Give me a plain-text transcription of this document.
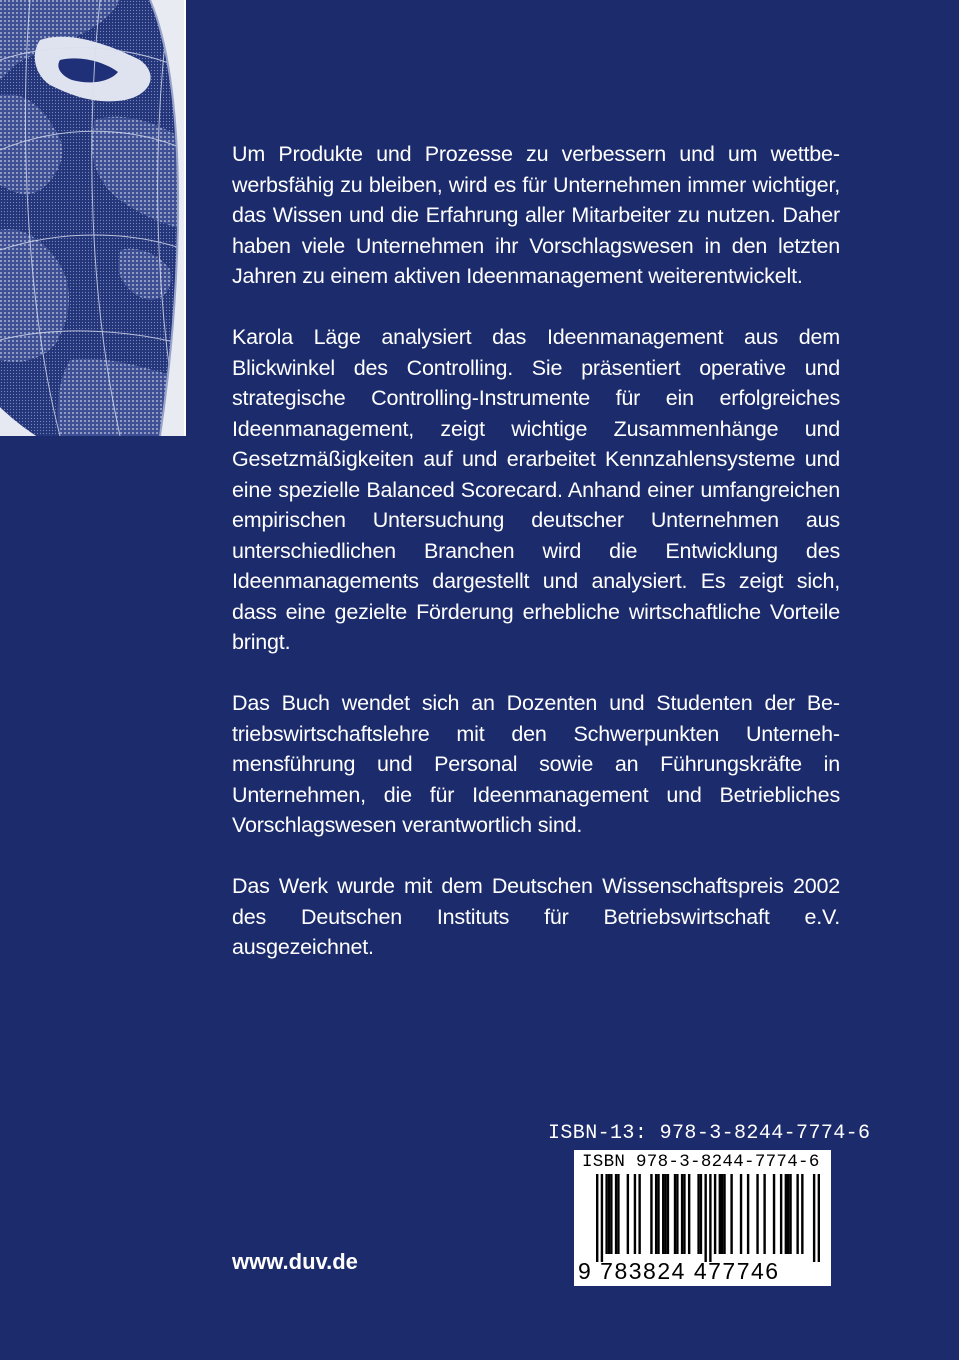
Um Produkte und Prozesse zu verbessern und um wettbewerbsfähig zu bleiben, wird es für Unternehmen immer wichtiger, das Wissen und die Erfahrung aller Mitarbeiter zu nutzen. Daher haben viele Unternehmen ihr Vorschlagswesen in den letzten Jahren zu einem aktiven Ideenmanagement weiterentwickelt.

Karola Läge analysiert das Ideenmanagement aus dem Blickwinkel des Controlling. Sie präsentiert operative und strategische Controlling-Instrumente für ein erfolgreiches Ideenmanagement, zeigt wichtige Zusammenhänge und Gesetzmäßigkeiten auf und erarbeitet Kennzahlensysteme und eine spezielle Balanced Scorecard. Anhand einer umfangreichen empirischen Untersuchung deutscher Unternehmen aus unterschiedlichen Branchen wird die Entwicklung des Ideenmanagements dargestellt und analysiert. Es zeigt sich, dass eine gezielte Förderung erhebliche wirtschaftliche Vorteile bringt.

Das Buch wendet sich an Dozenten und Studenten der Betriebswirtschaftslehre mit den Schwerpunkten Unternehmensführung und Personal sowie an Führungskräfte in Unternehmen, die für Ideenmanagement und Betriebliches Vorschlagswesen verantwortlich sind.

Das Werk wurde mit dem Deutschen Wissenschaftspreis 2002 des Deutschen Instituts für Betriebswirtschaft e.V. ausgezeichnet.

ISBN-13: 978-3-8244-7774-6
ISBN 978-3-8244-7774-6
9 783824 477746
www.duv.de
